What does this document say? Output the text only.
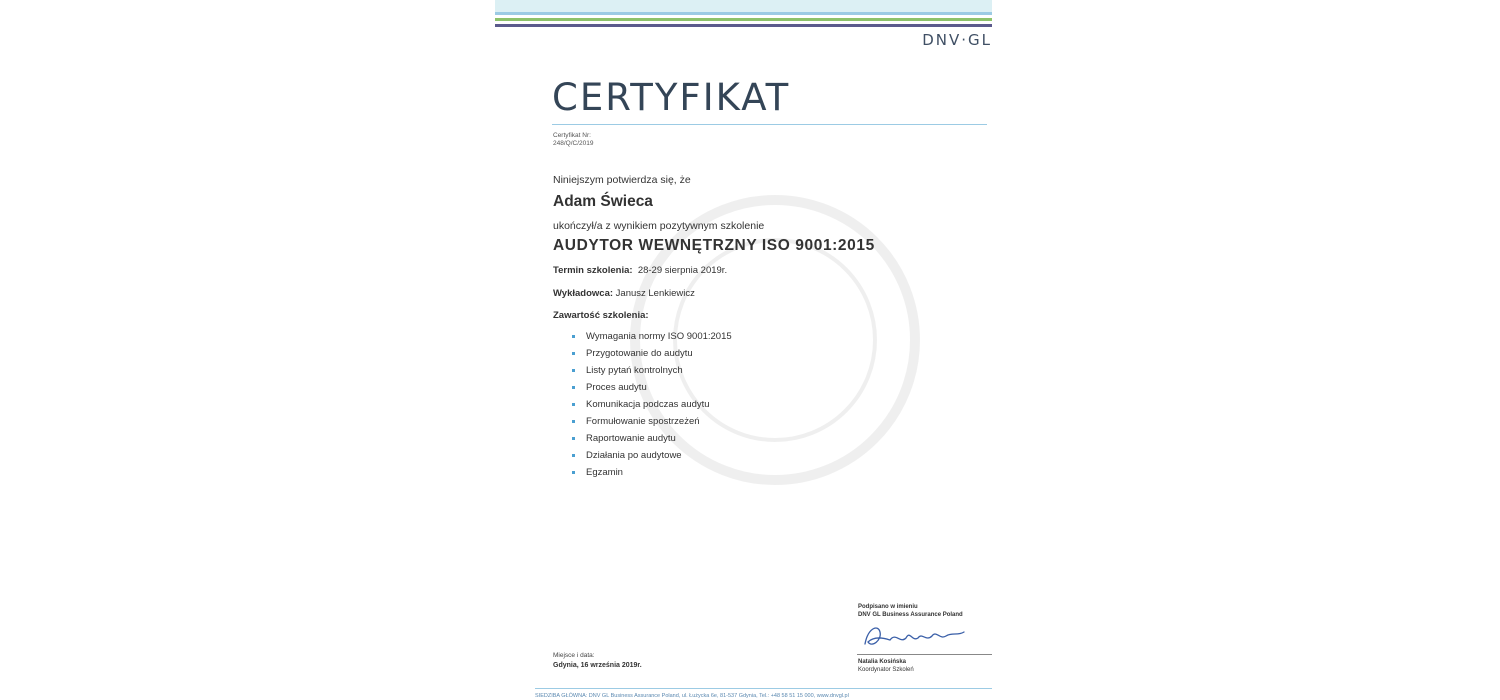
DNV·GL
CERTYFIKAT
Certyfikat Nr:
248/Q/C/2019
Niniejszym potwierdza się, że
Adam Świeca
ukończył/a z wynikiem pozytywnym szkolenie
AUDYTOR WEWNĘTRZNY ISO 9001:2015
Termin szkolenia: 28-29 sierpnia 2019r.
Wykładowca: Janusz Lenkiewicz
Zawartość szkolenia:
Wymagania normy ISO 9001:2015
Przygotowanie do audytu
Listy pytań kontrolnych
Proces audytu
Komunikacja podczas audytu
Formułowanie spostrzeżeń
Raportowanie audytu
Działania po audytowe
Egzamin
Podpisano w imieniu
DNV GL Business Assurance Poland
Natalia Kosińska
Koordynator Szkoleń
Miejsce i data:
Gdynia, 16 września 2019r.
SIEDZIBA GŁÓWNA: DNV GL Business Assurance Poland, ul. Łużycka 6e, 81-537 Gdynia, Tel.: +48 58 51 15 000, www.dnvgl.pl
